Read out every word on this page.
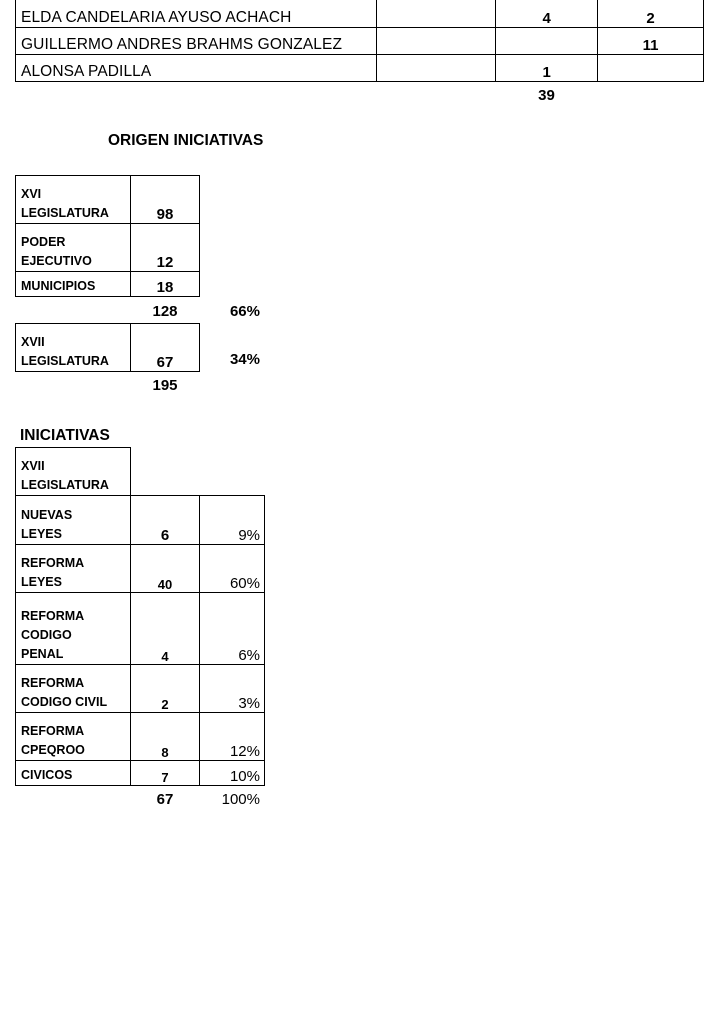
ELDA CANDELARIA AYUSO ACHACH		4	2
GUILLERMO ANDRES BRAHMS GONZALEZ			11
ALONSA PADILLA		1	
39
ORIGEN INICIATIVAS
XVI
LEGISLATURA	98

PODER
EJECUTIVO	12
MUNICIPIOS	18
128	66%
XVII
LEGISLATURA	67	34%
195
INICIATIVAS
XVII
LEGISLATURA
NUEVAS
LEYES	6	9%

REFORMA
LEYES	40	60%

REFORMA
CODIGO
PENAL	4	6%

REFORMA
CODIGO CIVIL	2	3%

REFORMA
CPEQROO	8	12%
CIVICOS	7	10%
67	100%
